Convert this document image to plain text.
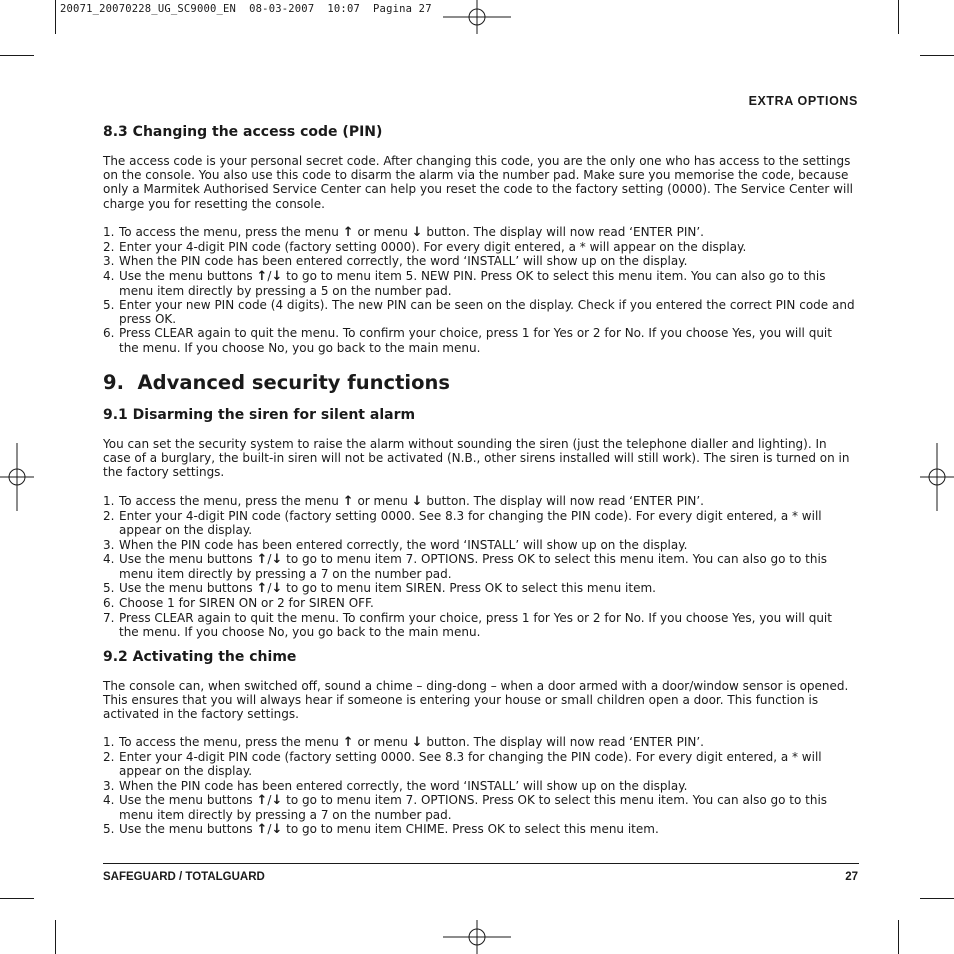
20071_20070228_UG_SC9000_EN  08-03-2007  10:07  Pagina 27
EXTRA OPTIONS
8.3 Changing the access code (PIN)

The access code is your personal secret code. After changing this code, you are the only one who has access to the settings on the console. You also use this code to disarm the alarm via the number pad. Make sure you memorise the code, because only a Marmitek Authorised Service Center can help you reset the code to the factory setting (0000). The Service Center will charge you for resetting the console.

1. To access the menu, press the menu ↑ or menu ↓ button. The display will now read ‘ENTER PIN’.
2. Enter your 4-digit PIN code (factory setting 0000). For every digit entered, a * will appear on the display.
3. When the PIN code has been entered correctly, the word ‘INSTALL’ will show up on the display.
4. Use the menu buttons ↑/↓ to go to menu item 5. NEW PIN. Press OK to select this menu item. You can also go to this menu item directly by pressing a 5 on the number pad.
5. Enter your new PIN code (4 digits). The new PIN can be seen on the display. Check if you entered the correct PIN code and press OK.
6. Press CLEAR again to quit the menu. To confirm your choice, press 1 for Yes or 2 for No. If you choose Yes, you will quit the menu. If you choose No, you go back to the main menu.
9.  Advanced security functions
9.1 Disarming the siren for silent alarm

You can set the security system to raise the alarm without sounding the siren (just the telephone dialler and lighting). In case of a burglary, the built-in siren will not be activated (N.B., other sirens installed will still work). The siren is turned on in the factory settings.

1. To access the menu, press the menu ↑ or menu ↓ button. The display will now read ‘ENTER PIN’.
2. Enter your 4-digit PIN code (factory setting 0000. See 8.3 for changing the PIN code). For every digit entered, a * will appear on the display.
3. When the PIN code has been entered correctly, the word ‘INSTALL’ will show up on the display.
4. Use the menu buttons ↑/↓ to go to menu item 7. OPTIONS. Press OK to select this menu item. You can also go to this menu item directly by pressing a 7 on the number pad.
5. Use the menu buttons ↑/↓ to go to menu item SIREN. Press OK to select this menu item.
6. Choose 1 for SIREN ON or 2 for SIREN OFF.
7. Press CLEAR again to quit the menu. To confirm your choice, press 1 for Yes or 2 for No. If you choose Yes, you will quit the menu. If you choose No, you go back to the main menu.
9.2 Activating the chime

The console can, when switched off, sound a chime – ding-dong – when a door armed with a door/window sensor is opened. This ensures that you will always hear if someone is entering your house or small children open a door. This function is activated in the factory settings.

1. To access the menu, press the menu ↑ or menu ↓ button. The display will now read ‘ENTER PIN’.
2. Enter your 4-digit PIN code (factory setting 0000. See 8.3 for changing the PIN code). For every digit entered, a * will appear on the display.
3. When the PIN code has been entered correctly, the word ‘INSTALL’ will show up on the display.
4. Use the menu buttons ↑/↓ to go to menu item 7. OPTIONS. Press OK to select this menu item. You can also go to this menu item directly by pressing a 7 on the number pad.
5. Use the menu buttons ↑/↓ to go to menu item CHIME. Press OK to select this menu item.
SAFEGUARD / TOTALGUARD	27
